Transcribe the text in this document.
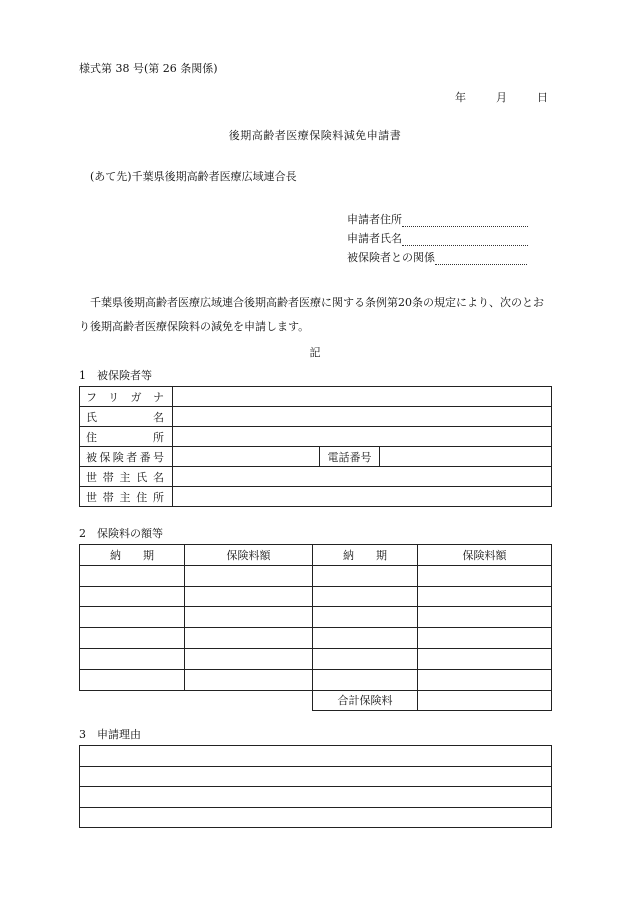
様式第 38 号(第 26 条関係)
年	月	日
後期高齢者医療保険料減免申請書
(あて先)千葉県後期高齢者医療広域連合長
申請者住所
申請者氏名
被保険者との関係
千葉県後期高齢者医療広域連合後期高齢者医療に関する条例第20条の規定により、次のとおり後期高齢者医療保険料の減免を申請します。
記
1　被保険者等
フリガナ			
氏名			
住所			
被保険者番号		電話番号	
世帯主氏名			
世帯主住所			
2　保険料の額等
納　　期	保険料額	納　　期	保険料額

		合計保険料	
3　申請理由
